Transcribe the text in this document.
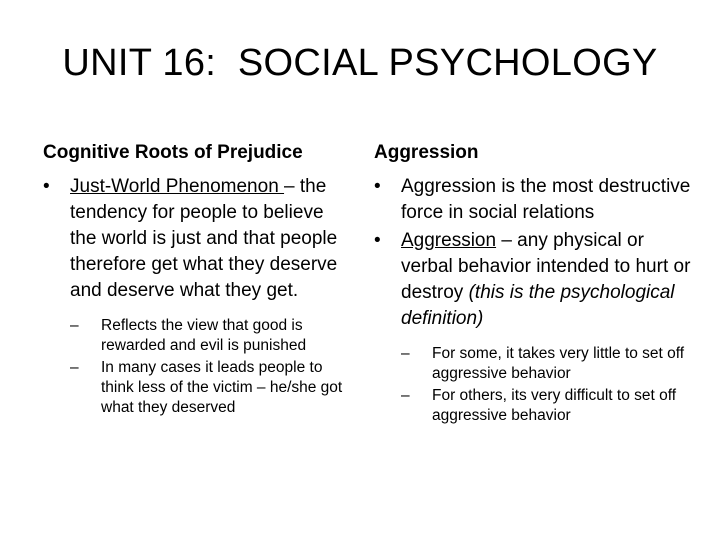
UNIT 16:  SOCIAL PSYCHOLOGY
Cognitive Roots of Prejudice
•	Just-World Phenomenon – the tendency for people to believe the world is just and that people therefore get what they deserve and deserve what they get.
–	Reflects the view that good is rewarded and evil is punished
–	In many cases it leads people to think less of the victim – he/she got what they deserved
Aggression
•	Aggression is the most destructive force in social relations
•	Aggression – any physical or verbal behavior intended to hurt or destroy (this is the psychological definition)
–	For some, it takes very little to set off aggressive behavior
–	For others, its very difficult to set off aggressive behavior
